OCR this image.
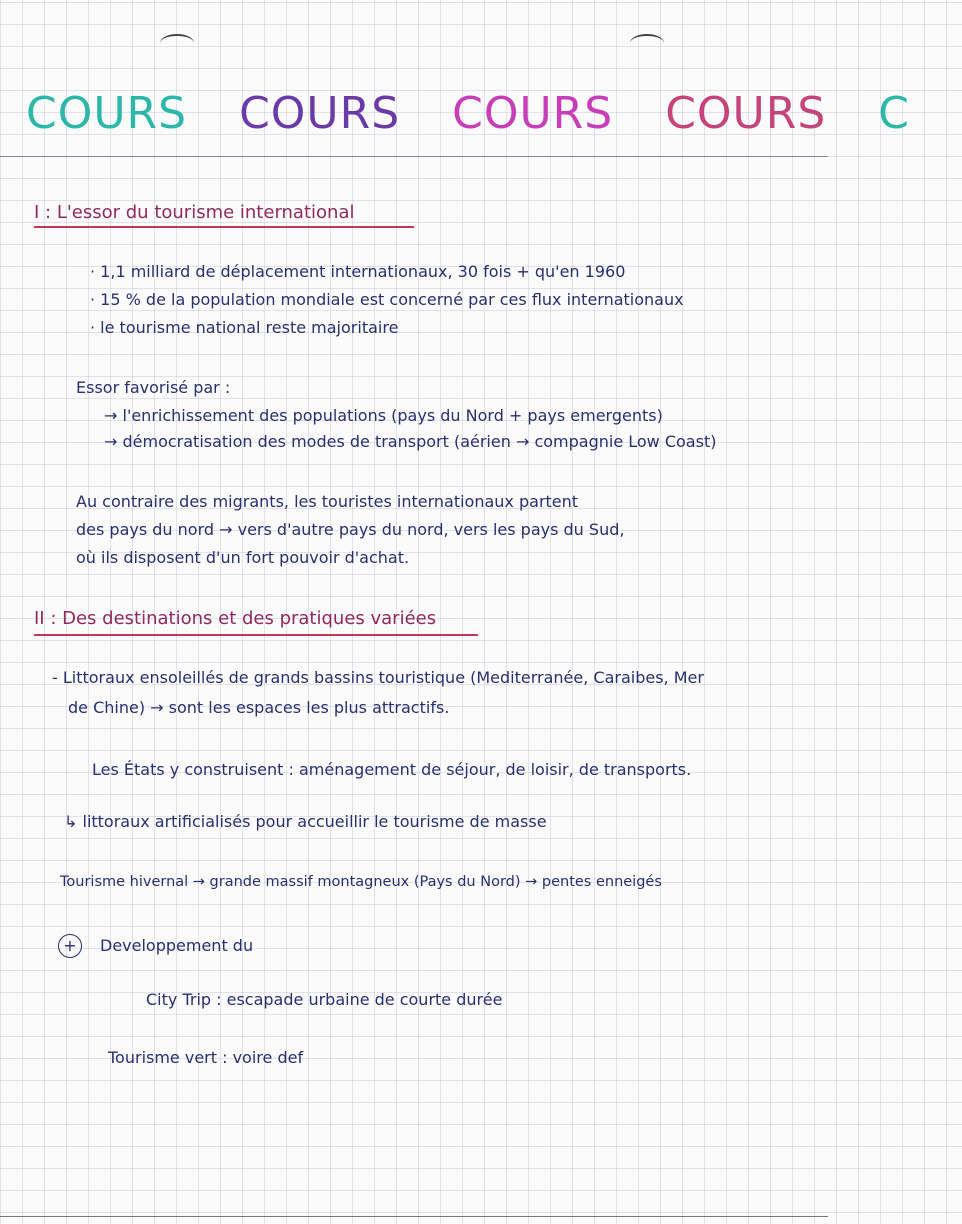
COURS COURS COURS COURS C
I : L'essor du tourisme international
· 1,1 milliard de déplacement internationaux, 30 fois + qu'en 1960
· 15 % de la population mondiale est concerné par ces flux internationaux
· le tourisme national reste majoritaire
Essor favorisé par :
→ l'enrichissement des populations (pays du Nord + pays emergents)
→ démocratisation des modes de transport (aérien → compagnie Low Coast)
Au contraire des migrants, les touristes internationaux partent
des pays du nord → vers d'autre pays du nord, vers les pays du Sud,
où ils disposent d'un fort pouvoir d'achat.
II : Des destinations et des pratiques variées
- Littoraux ensoleillés de grands bassins touristique (Mediterranée, Caraibes, Mer
de Chine) → sont les espaces les plus attractifs.
Les États y construisent : aménagement de séjour, de loisir, de transports.
↳ littoraux artificialisés pour accueillir le tourisme de masse
Tourisme hivernal → grande massif montagneux (Pays du Nord) → pentes enneigés
+	Developpement du
City Trip : escapade urbaine de courte durée
Tourisme vert : voire def
